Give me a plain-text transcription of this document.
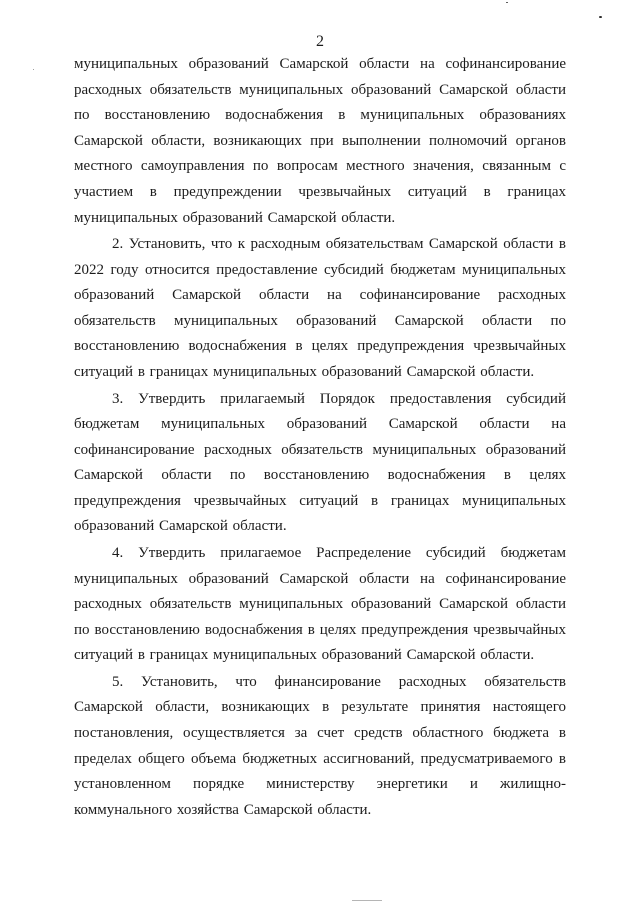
2

муниципальных образований Самарской области на софинансирование расходных обязательств муниципальных образований Самарской области по восстановлению водоснабжения в муниципальных образованиях Самарской области, возникающих при выполнении полномочий органов местного самоуправления по вопросам местного значения, связанным с участием в предупреждении чрезвычайных ситуаций в границах муниципальных образований Самарской области.

2. Установить, что к расходным обязательствам Самарской области в 2022 году относится предоставление субсидий бюджетам муниципальных образований Самарской области на софинансирование расходных обязательств муниципальных образований Самарской области по восстановлению водоснабжения в целях предупреждения чрезвычайных ситуаций в границах муниципальных образований Самарской области.

3. Утвердить прилагаемый Порядок предоставления субсидий бюджетам муниципальных образований Самарской области на софинансирование расходных обязательств муниципальных образований Самарской области по восстановлению водоснабжения в целях предупреждения чрезвычайных ситуаций в границах муниципальных образований Самарской области.

4. Утвердить прилагаемое Распределение субсидий бюджетам муниципальных образований Самарской области на софинансирование расходных обязательств муниципальных образований Самарской области по восстановлению водоснабжения в целях предупреждения чрезвычайных ситуаций в границах муниципальных образований Самарской области.

5. Установить, что финансирование расходных обязательств Самарской области, возникающих в результате принятия настоящего постановления, осуществляется за счет средств областного бюджета в пределах общего объема бюджетных ассигнований, предусматриваемого в установленном порядке министерству энергетики и жилищно-коммунального хозяйства Самарской области.
